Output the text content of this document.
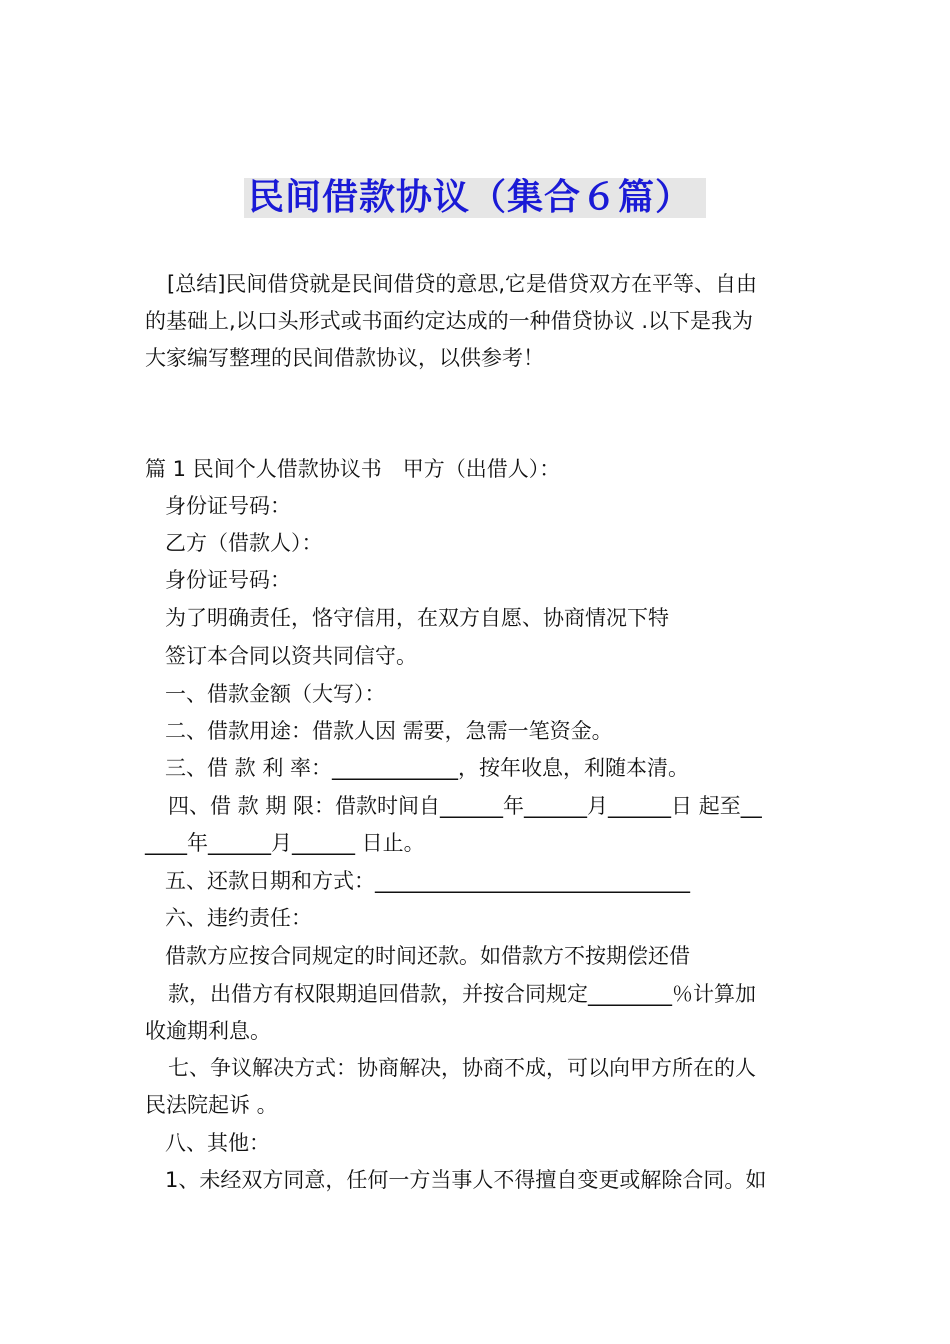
民间借款协议（集合６篇）
[总结]民间借贷就是民间借贷的意思,它是借贷双方在平等、自由
的基础上,以口头形式或书面约定达成的一种借贷协议 .以下是我为
大家编写整理的民间借款协议，以供参考！
篇 1 民间个人借款协议书　甲方（出借人）：
身份证号码：
乙方（借款人）：
身份证号码：
为了明确责任，恪守信用，在双方自愿、协商情况下特
签订本合同以资共同信守。
一、借款金额（大写）：
二、借款用途：借款人因 需要，急需一笔资金。
三、借 款 利 率：____________，按年收息，利随本清。
四、借 款 期 限：借款时间自______年______月______日 起至__
____年______月______ 日止。
五、还款日期和方式：______________________________
六、违约责任：
借款方应按合同规定的时间还款。如借款方不按期偿还借
款，出借方有权限期追回借款，并按合同规定________％计算加
收逾期利息。
七、争议解决方式：协商解决，协商不成，可以向甲方所在的人
民法院起诉 。
八、其他：
1、未经双方同意，任何一方当事人不得擅自变更或解除合同。如
